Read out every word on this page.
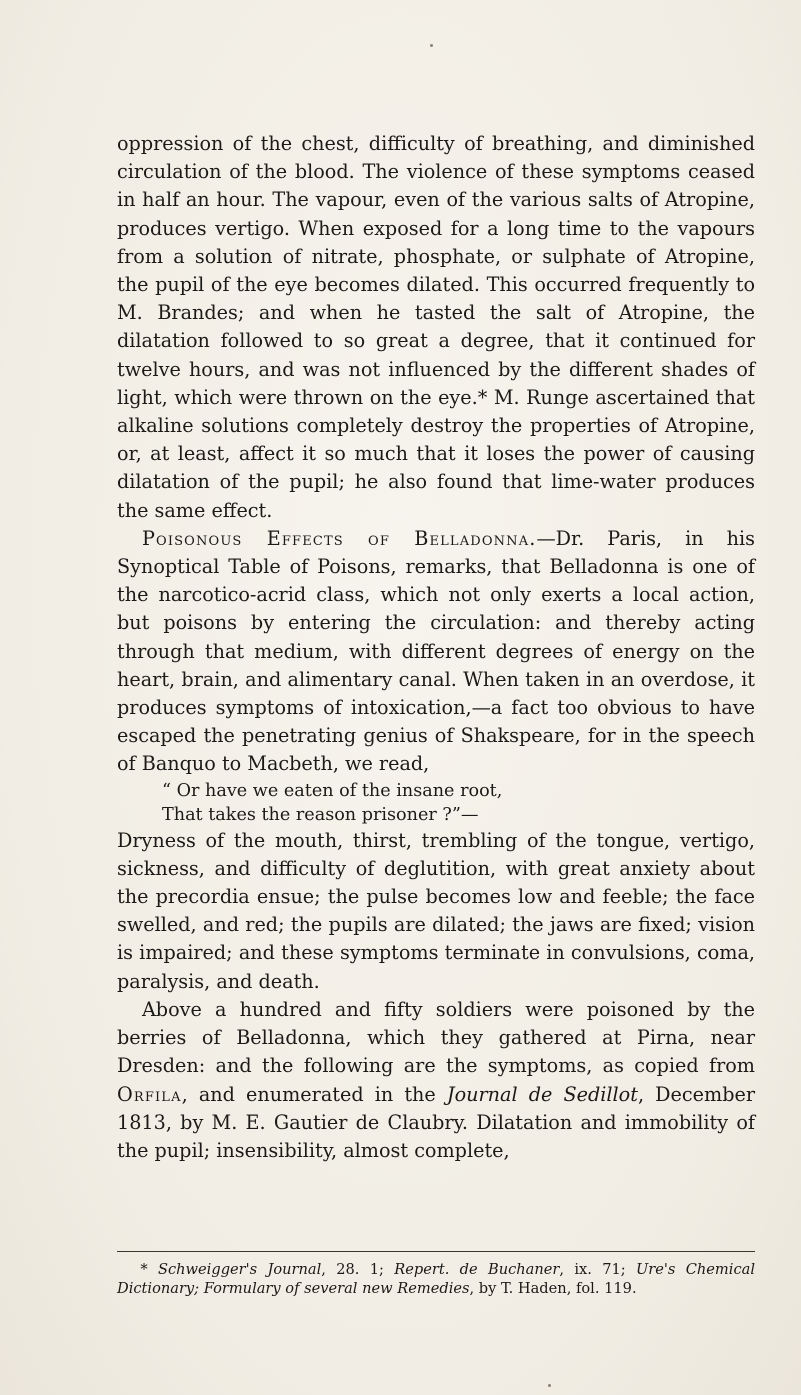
oppression of the chest, difficulty of breathing, and diminished circulation of the blood. The violence of these symptoms ceased in half an hour. The vapour, even of the various salts of Atropine, produces vertigo. When exposed for a long time to the vapours from a solution of nitrate, phosphate, or sulphate of Atropine, the pupil of the eye becomes dilated. This occurred frequently to M. Brandes; and when he tasted the salt of Atropine, the dilatation followed to so great a degree, that it continued for twelve hours, and was not influenced by the different shades of light, which were thrown on the eye.* M. Runge ascertained that alkaline solutions completely destroy the properties of Atropine, or, at least, affect it so much that it loses the power of causing dilatation of the pupil; he also found that lime-water produces the same effect.

Poisonous Effects of Belladonna.—Dr. Paris, in his Synoptical Table of Poisons, remarks, that Belladonna is one of the narcotico-acrid class, which not only exerts a local action, but poisons by entering the circulation: and thereby acting through that medium, with different degrees of energy on the heart, brain, and alimentary canal. When taken in an overdose, it produces symptoms of intoxication,—a fact too obvious to have escaped the penetrating genius of Shakspeare, for in the speech of Banquo to Macbeth, we read,

“ Or have we eaten of the insane root,

That takes the reason prisoner ?”—

Dryness of the mouth, thirst, trembling of the tongue, vertigo, sickness, and difficulty of deglutition, with great anxiety about the precordia ensue; the pulse becomes low and feeble; the face swelled, and red; the pupils are dilated; the jaws are fixed; vision is impaired; and these symptoms terminate in convulsions, coma, paralysis, and death.

Above a hundred and fifty soldiers were poisoned by the berries of Belladonna, which they gathered at Pirna, near Dresden: and the following are the symptoms, as copied from Orfila, and enumerated in the Journal de Sedillot, December 1813, by M. E. Gautier de Claubry. Dilatation and immobility of the pupil; insensibility, almost complete,

* Schweigger's Journal, 28. 1; Repert. de Buchaner, ix. 71; Ure's Chemical Dictionary; Formulary of several new Remedies, by T. Haden, fol. 119.
